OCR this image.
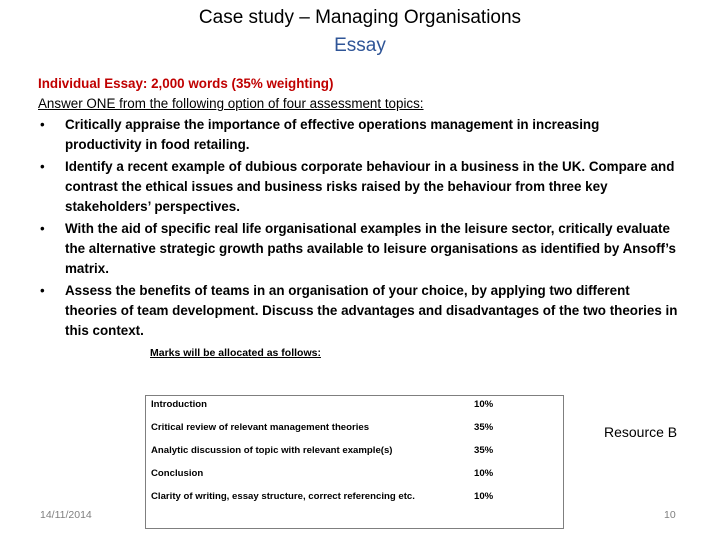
Case study – Managing Organisations
Essay
Individual Essay: 2,000 words (35% weighting)
Answer ONE from the following option of four assessment topics:
• Critically appraise the importance of effective operations management in increasing productivity in food retailing.
• Identify a recent example of dubious corporate behaviour in a business in the UK. Compare and contrast the ethical issues and business risks raised by the behaviour from three key stakeholders’ perspectives.
• With the aid of specific real life organisational examples in the leisure sector, critically evaluate the alternative strategic growth paths available to leisure organisations as identified by Ansoff’s matrix.
• Assess the benefits of teams in an organisation of your choice, by applying two different theories of team development. Discuss the advantages and disadvantages of the two theories in this context.
Marks will be allocated as follows:
Introduction	10%
Critical review of relevant management theories	35%
Analytic discussion of topic with relevant example(s)	35%
Conclusion	10%
Clarity of writing, essay structure, correct referencing etc.	10%
Resource B
14/11/2014	10
